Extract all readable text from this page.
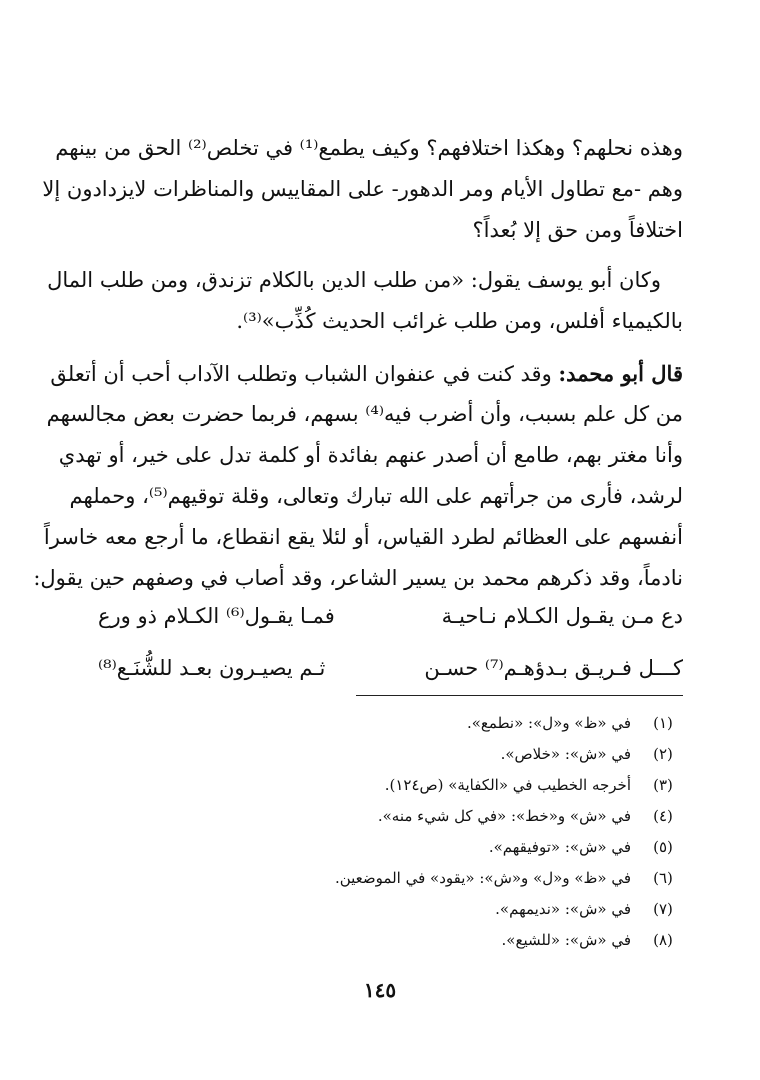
وهذه نحلهم؟ وهكذا اختلافهم؟ وكيف يطمع⁽¹⁾ في تخلص⁽²⁾ الحق من بينهم
وهم -مع تطاول الأيام ومر الدهور- على المقاييس والمناظرات لايزدادون إلا
اختلافاً ومن حق إلا بُعداً؟
وكان أبو يوسف يقول: «من طلب الدين بالكلام تزندق، ومن طلب المال
بالكيمياء أفلس، ومن طلب غرائب الحديث كُذِّب»⁽³⁾.
قال أبو محمد: وقد كنت في عنفوان الشباب وتطلب الآداب أحب أن أتعلق
من كل علم بسبب، وأن أضرب فيه⁽⁴⁾ بسهم، فربما حضرت بعض مجالسهم
وأنا مغتر بهم، طامع أن أصدر عنهم بفائدة أو كلمة تدل على خير، أو تهدي
لرشد، فأرى من جرأتهم على الله تبارك وتعالى، وقلة توقيهم⁽⁵⁾، وحملهم
أنفسهم على العظائم لطرد القياس، أو لئلا يقع انقطاع، ما أرجع معه خاسراً
نادماً، وقد ذكرهم محمد بن يسير الشاعر، وقد أصاب في وصفهم حين يقول:
دع مـن يقـول الكـلام نـاحيـة
فمـا يقـول⁽⁶⁾ الكـلام ذو ورع
كـــل فـريـق بـدؤهـم⁽⁷⁾ حسـن
ثـم يصيـرون بعـد للشُّنَـع⁽⁸⁾
(١)في «ظ» و«ل»: «نطمع».
(٢)في «ش»: «خلاص».
(٣)أخرجه الخطيب في «الكفاية» (ص١٢٤).
(٤)في «ش» و«خط»: «في كل شيء منه».
(٥)في «ش»: «توفيقهم».
(٦)في «ظ» و«ل» و«ش»: «يقود» في الموضعين.
(٧)في «ش»: «نديمهم».
(٨)في «ش»: «للشيع».
١٤٥
